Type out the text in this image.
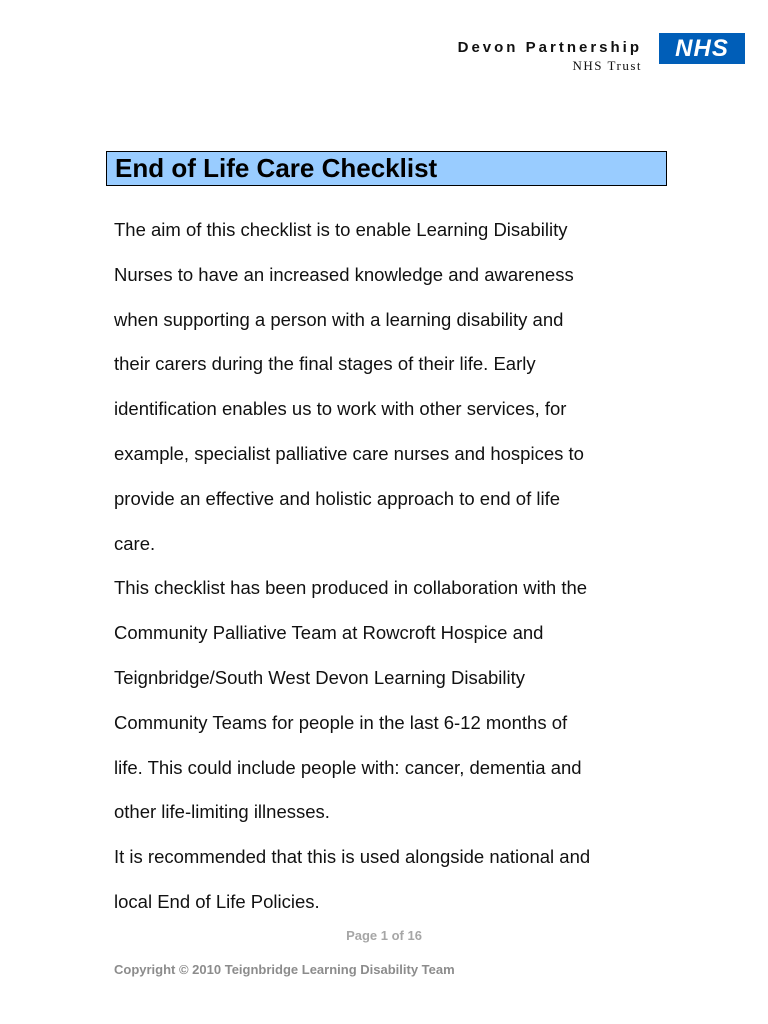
Devon Partnership
NHS Trust
NHS
End of Life Care Checklist
The aim of this checklist is to enable Learning Disability
Nurses to have an increased knowledge and awareness
when supporting a person with a learning disability and
their carers during the final stages of their life. Early
identification enables us to work with other services, for
example, specialist palliative care nurses and hospices to
provide an effective and holistic approach to end of life
care.
This checklist has been produced in collaboration with the
Community Palliative Team at Rowcroft Hospice and
Teignbridge/South West Devon Learning Disability
Community Teams for people in the last 6-12 months of
life. This could include people with: cancer, dementia and
other life-limiting illnesses.
It is recommended that this is used alongside national and
local End of Life Policies.
Page 1 of 16
Copyright © 2010 Teignbridge Learning Disability Team
